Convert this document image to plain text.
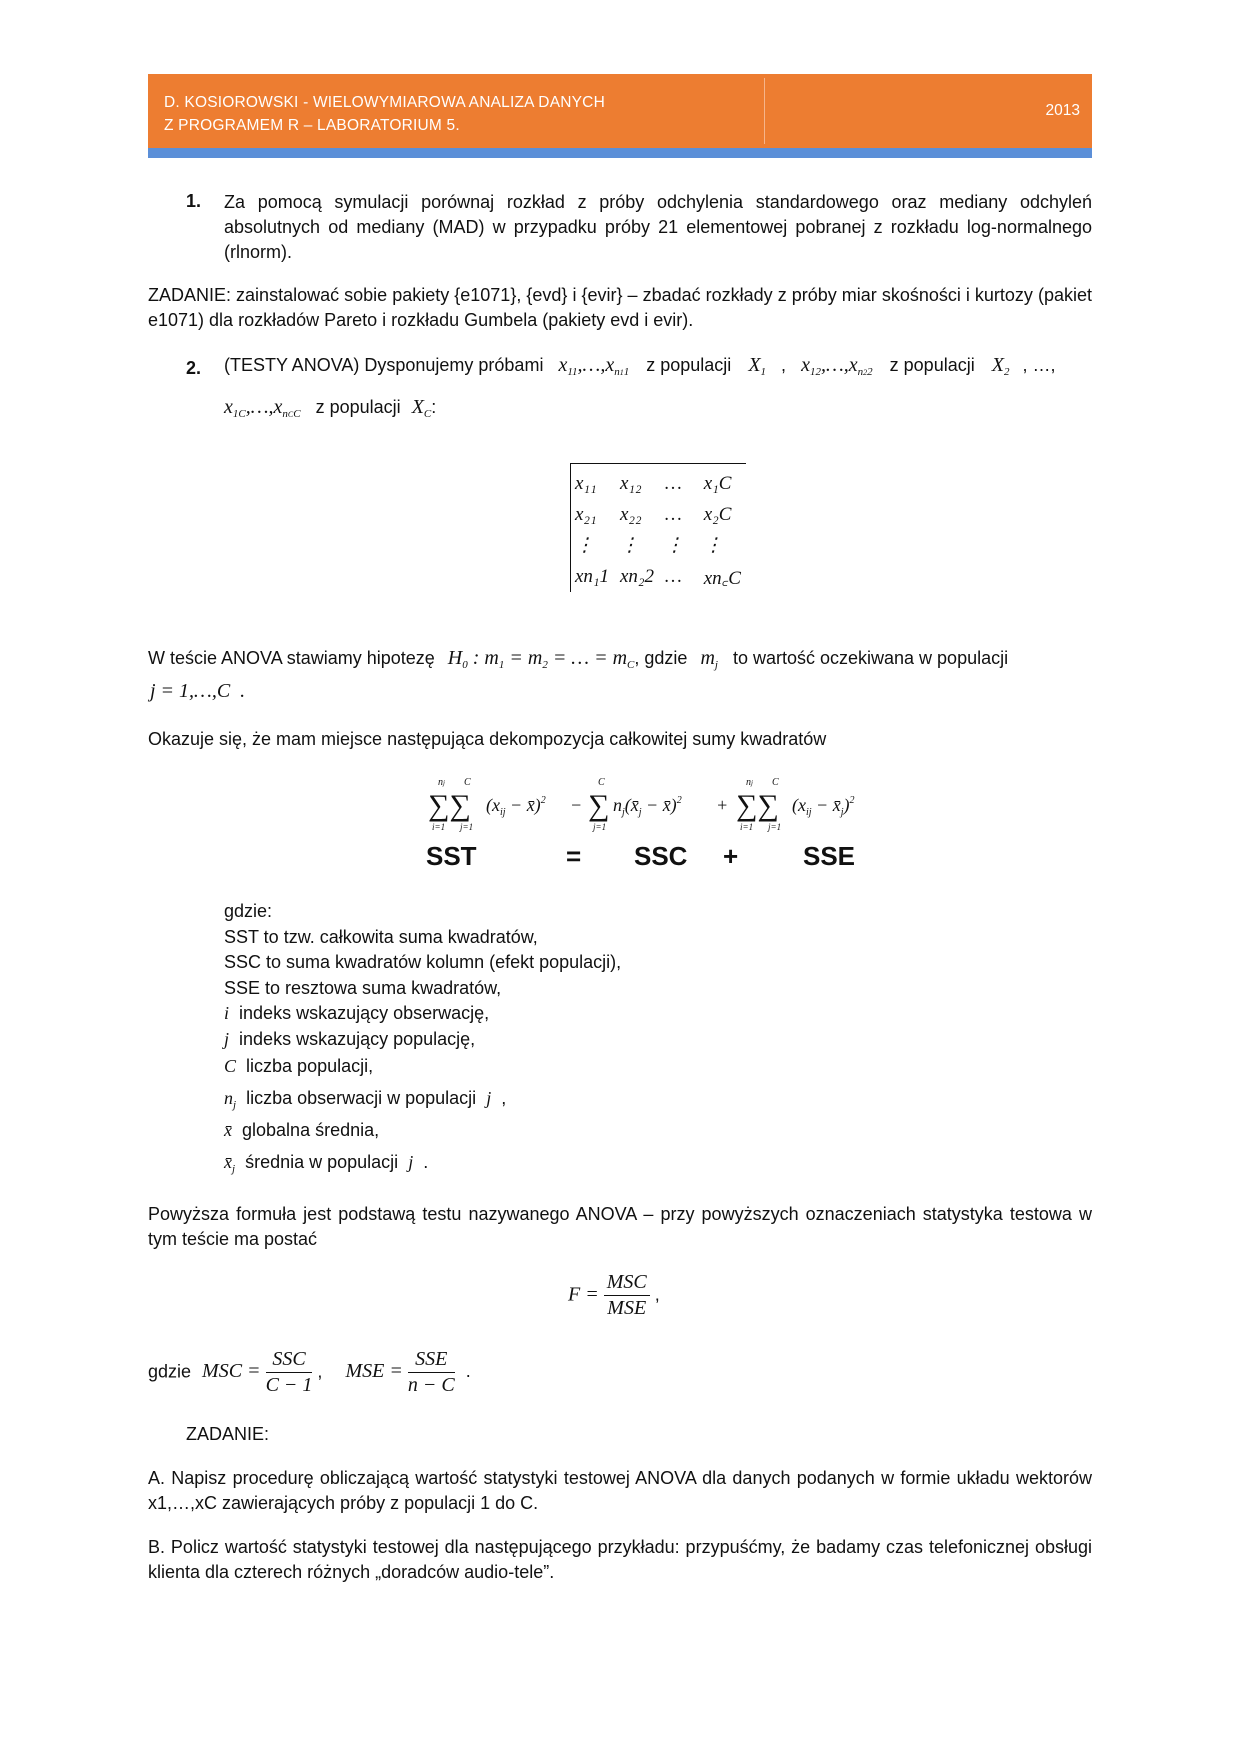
D. KOSIOROWSKI - WIELOWYMIAROWA ANALIZA DANYCH
Z PROGRAMEM R – LABORATORIUM 5.
2013
1. Za pomocą symulacji porównaj rozkład z próby odchylenia standardowego oraz mediany odchyleń absolutnych od mediany (MAD) w przypadku próby 21 elementowej pobranej z rozkładu log-normalnego (rlnorm).
ZADANIE: zainstalować sobie pakiety {e1071}, {evd} i {evir} – zbadać rozkłady z próby miar skośności i kurtozy (pakiet e1071) dla rozkładów Pareto i rozkładu Gumbela (pakiety evd i evir).
2. (TESTY ANOVA) Dysponujemy próbami $x_{11},\dots,x_{n11}$ z populacji $X_1$ , $x_{12},\dots,x_{n22}$ z populacji $X_2$ , …,
$x_{1C},\dots,x_{nCC}$ z populacji $X_C$:
x₁₁	x₁₂	…	x₁C
x₂₁	x₂₂	…	x₂C
⋮	⋮	⋮	⋮
xn₁1	xn₂2	…	xn꜀C
W teście ANOVA stawiamy hipotezę $H_0$ : $m_1 = m_2$ = … = $m_C$, gdzie $m_j$ to wartość oczekiwana w populacji
j = 1,…,C  .
Okazuje się, że mam miejsce następująca dekompozycja całkowitej sumy kwadratów
∑∑
nj C
i=1 j=1
($x_{ij}$ − x̄)$^2$ − ∑
C
j=1
$n_j(x̄_j$ − x̄)$^2$ + ∑∑
nj C
i=1 j=1
($x_{ij}$ − $x̄_j)^2$
SST	= SSC + SSE
gdzie:
SST to tzw. całkowita suma kwadratów,
SSC to suma kwadratów kolumn (efekt populacji),
SSE to resztowa suma kwadratów,
i indeks wskazujący obserwację,
j indeks wskazujący populację,
C liczba populacji,
$n_j$ liczba obserwacji w populacji j  ,
x̄ globalna średnia,
$x̄_j$ średnia w populacji j  .
Powyższa formuła jest podstawą testu nazywanego ANOVA – przy powyższych oznaczeniach statystyka testowa w tym teście ma postać
$F = \frac{\text{MSC}}{\text{MSE}}$ ,
gdzie MSC = $\frac{\text{SSC}}{C - 1}$ , MSE = $\frac{\text{SSE}}{n - C}$ .
ZADANIE:
A. Napisz procedurę obliczającą wartość statystyki testowej ANOVA dla danych podanych w formie układu wektorów x1,…,xC zawierających próby z populacji 1 do C.
B. Policz wartość statystyki testowej dla następującego przykładu: przypuśćmy, że badamy czas telefonicznej obsługi klienta dla czterech różnych „doradców audio-tele”.
